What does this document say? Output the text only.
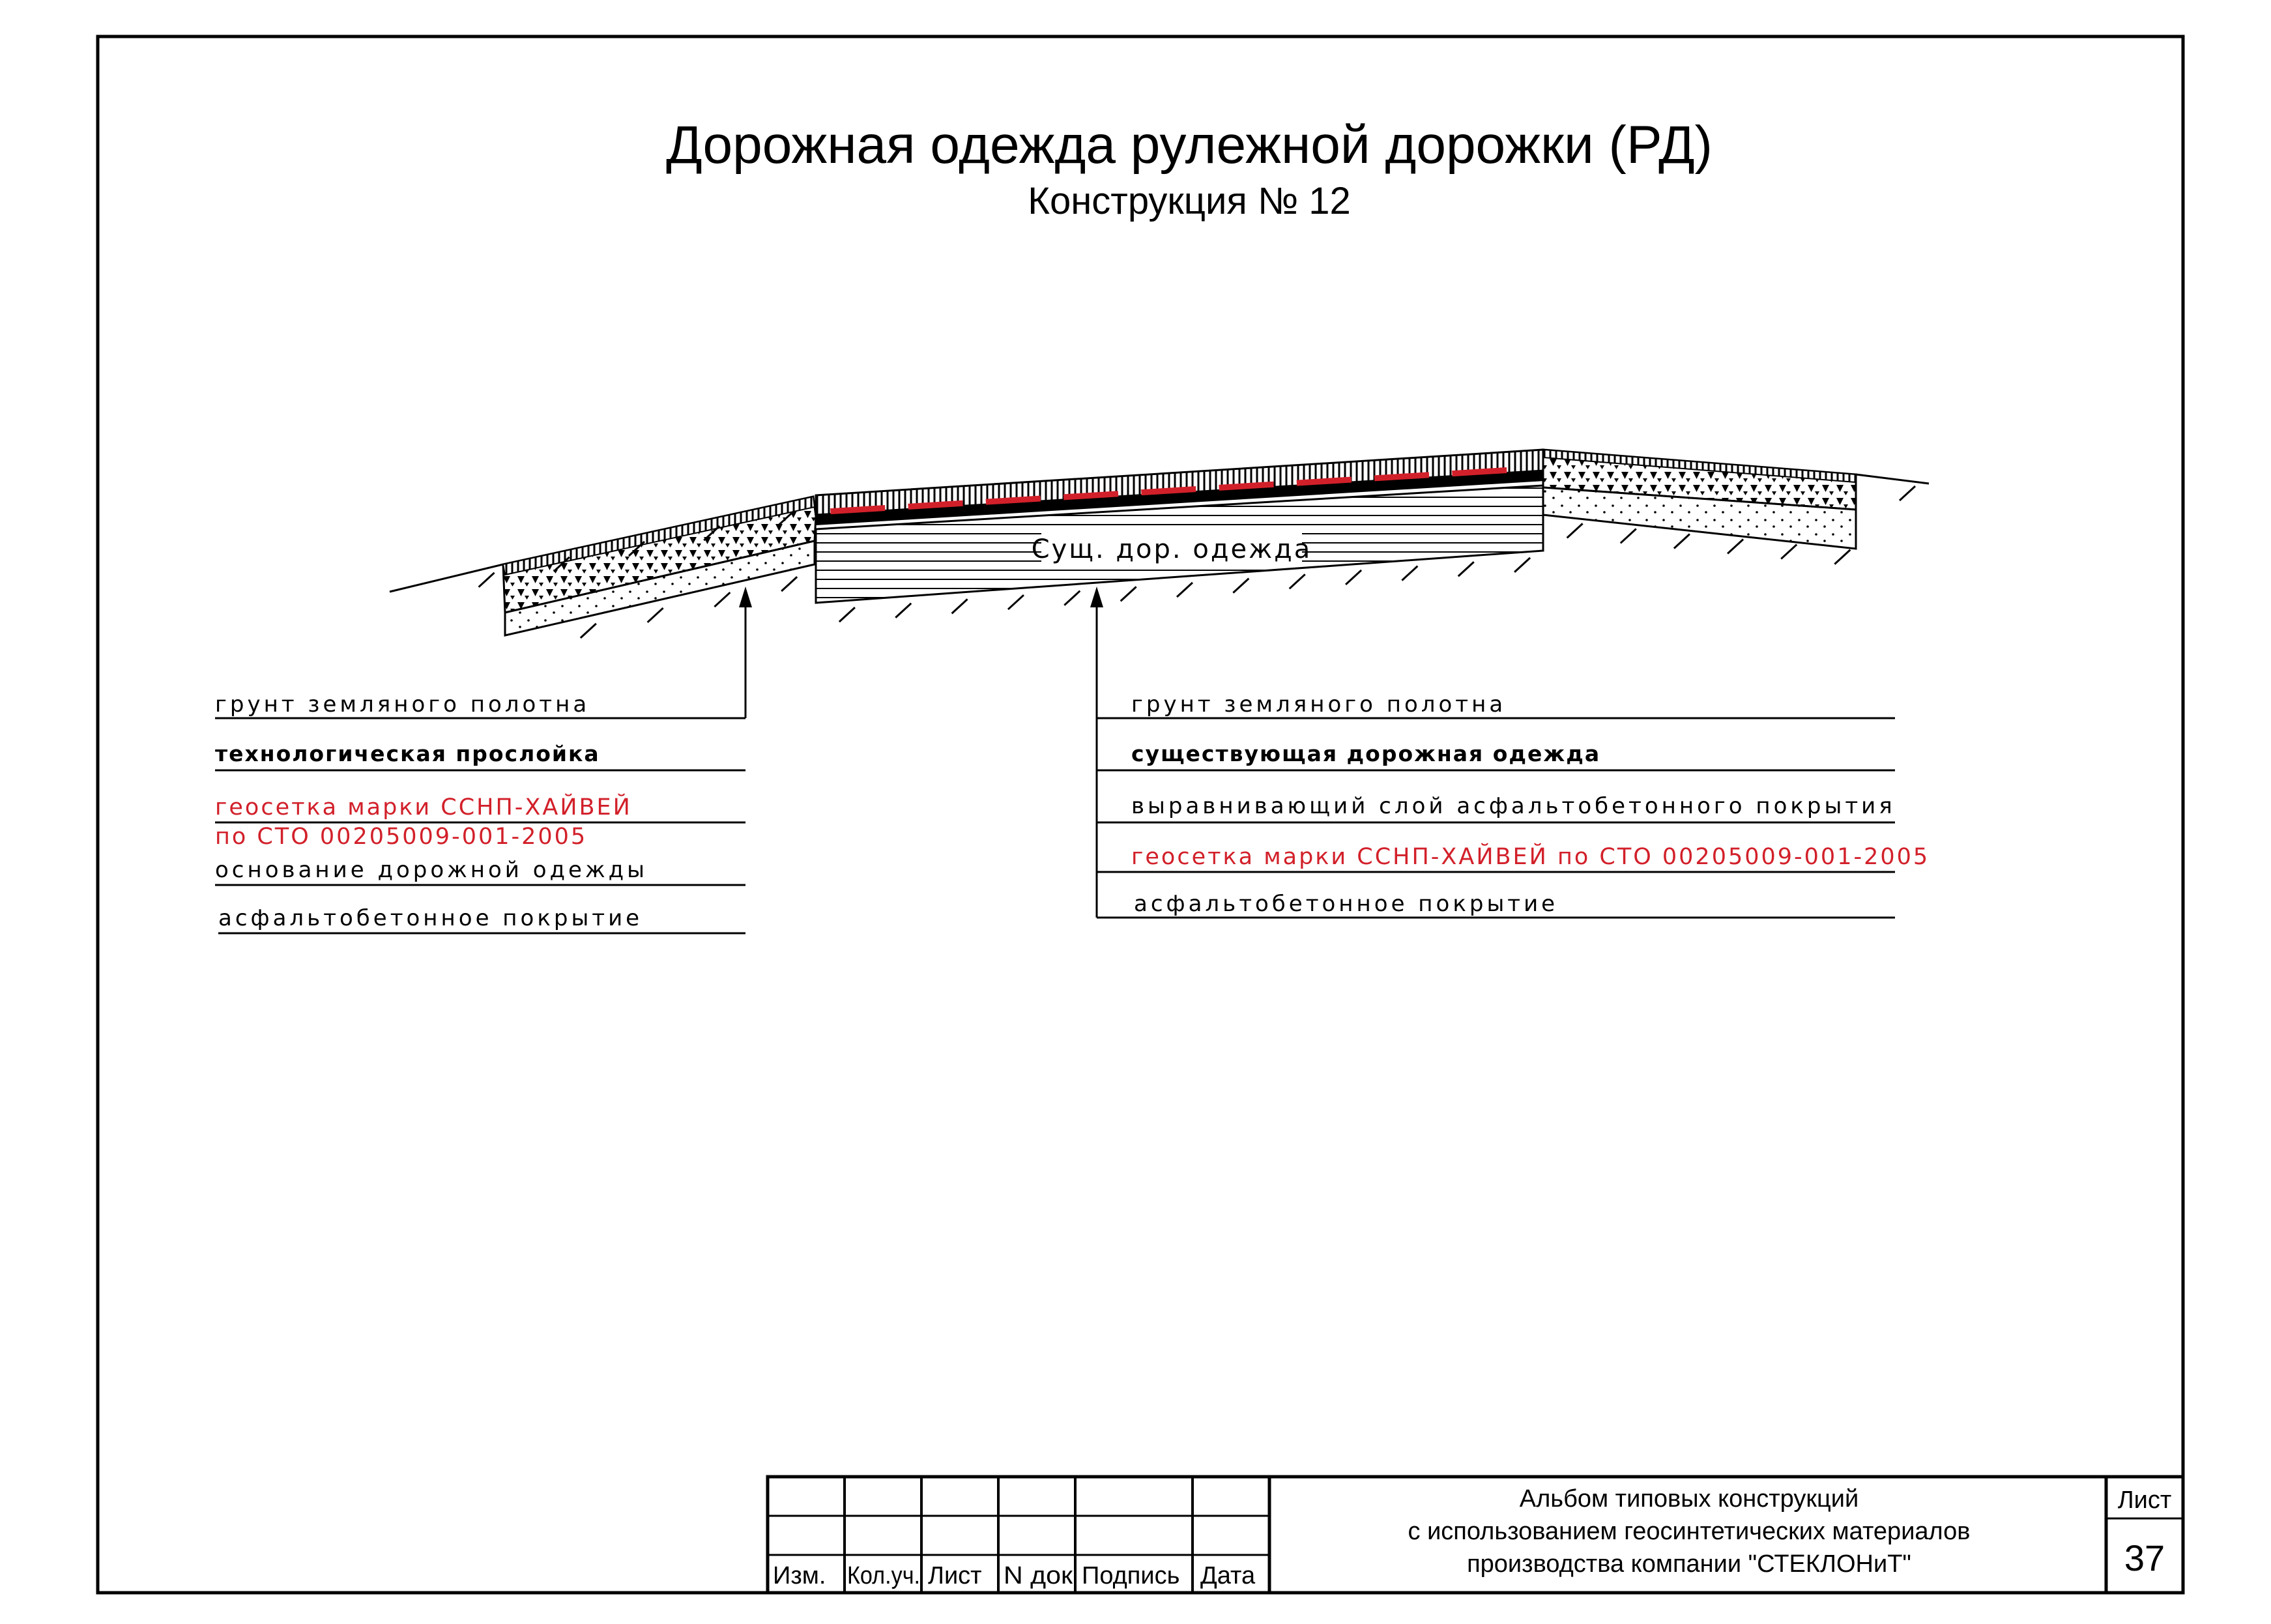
Дорожная одежда рулежной дорожки (РД)
Конструкция № 12
Сущ. дор. одежда
грунт земляного полотна
технологическая прослойка
геосетка марки ССНП-ХАЙВЕЙ
по СТО 00205009-001-2005
основание дорожной одежды
асфальтобетонное покрытие
грунт земляного полотна
существующая дорожная одежда
выравнивающий слой асфальтобетонного покрытия
геосетка марки ССНП-ХАЙВЕЙ по СТО 00205009-001-2005
асфальтобетонное покрытие
Изм. Кол.уч. Лист N док Подпись Дата
Альбом типовых конструкций
с использованием геосинтетических материалов
производства компании "СТЕКЛОНиТ"
Лист
37
